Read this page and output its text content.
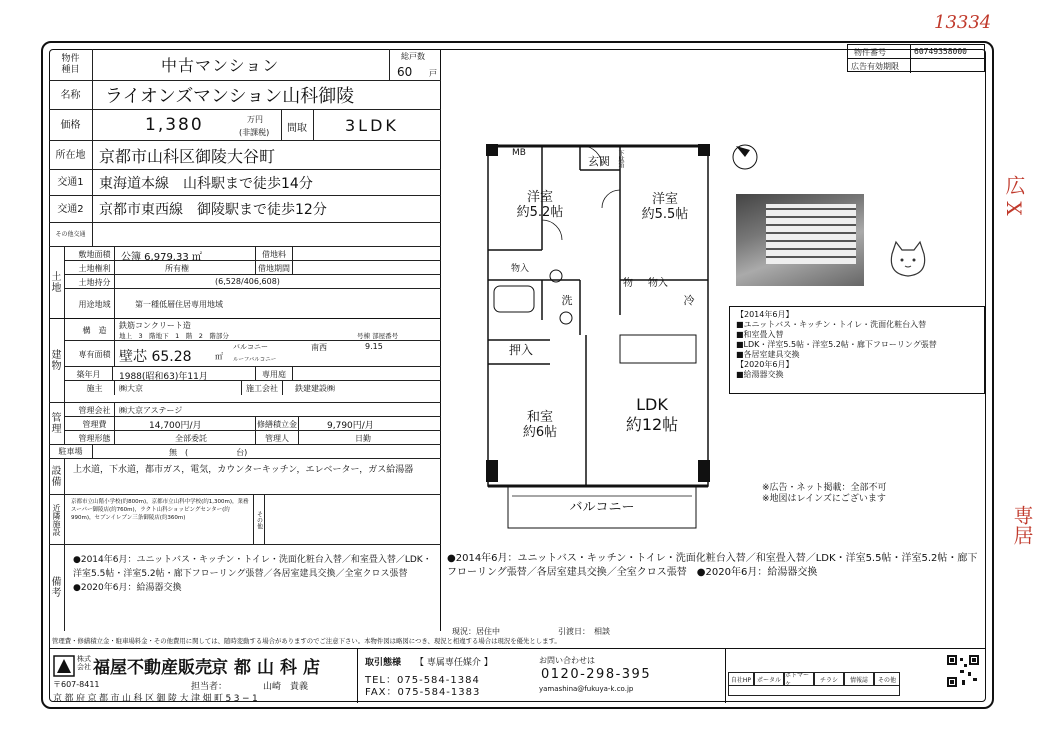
13334
広 X
専居
物件
種目	中古マンション	総戸数
60 戸
名称	ライオンズマンション山科御陵
価格	1,380	万円
(非課税) 間取 3LDK
所在地 京都市山科区御陵大谷町
交通1	東海道本線　山科駅まで徒歩14分
交通2	京都市東西線　御陵駅まで徒歩12分
その他交通
土
地
敷地面積	公簿 6,979.33 ㎡	借地料
土地権利	所有権	借地期間
土地持分	(6,528/406,608)
用途地域	第一種低層住居専用地域
建
物
構　造	鉄筋コンクリート造
地上　3　階地下　1　階　2　階部分	号棟 部屋番号
専有面積 壁芯 65.28	㎡
バルコニー	南西	9.15
ルーフバルコニー
築年月	1988(昭和63)年11月	専用庭
施主	㈱大京	施工会社	鉄建建設㈱
管
理
管理会社	㈱大京アステージ
管理費	14,700円/月	修繕積立金	9,790円/月
管理形態	全部委託	管理人	日勤
駐車場	無　(　　　　　　台)
設
備
上水道，下水道，都市ガス，電気，カウンターキッチン，エレベーター，ガス給湯器
近隣施設
京都市立山階小学校(約800m)，京都市立山科中学校(約1,300m)，業務スーパー御陵店(約760m)，ラクト山科ショッピングセンター(約990m)，セブンイレブン三条御陵店(約360m)	その他
備
考
●2014年6月：ユニットバス・キッチン・トイレ・洗面化粧台入替／和室畳入替／LDK・洋室5.5帖・洋室5.2帖・廊下フローリング張替／各居室建具交換／全室クロス張替　●2020年6月：給湯器交換
物件番号	60749358000
広告有効期限
洋室
約5.2帖
洋室
約5.5帖
玄関	下駄箱
MB
物入
物	物入
洗	冷
押入
和室
約6帖
LDK
約12帖
バルコニー
【2014年6月】
■ユニットバス・キッチン・トイレ・洗面化粧台入替
■和室畳入替
■LDK・洋室5.5帖・洋室5.2帖・廊下フローリング張替
■各居室建具交換
【2020年6月】
■給湯器交換
※広告・ネット掲載：全部不可
※地図はレインズにございます
●2014年6月：ユニットバス・キッチン・トイレ・洗面化粧台入替／和室畳入替／LDK・洋室5.5帖・洋室5.2帖・廊下フローリング張替／各居室建具交換／全室クロス張替　●2020年6月：給湯器交換
管理費・修繕積立金・駐車場料金・その他費用に関しては、随時変動する場合がありますのでご注意下さい。本物件図は略図につき、現況と相違する場合は現況を優先とします。
現況： 居住中	引渡日： 相談
株式会社 福屋不動産販売 京都山科店
〒607-8411	担当者：	山崎　貴義
京都府京都市山科区御陵大津畑町53−1
取引態様 【 専属専任媒介 】
TEL：075-584-1384
FAX：075-584-1383
お問い合わせは
0120-298-395
yamashina@fukuya-k.co.jp
自社HP ポータル
ホトマーケ
チラシ	情報誌	その他
